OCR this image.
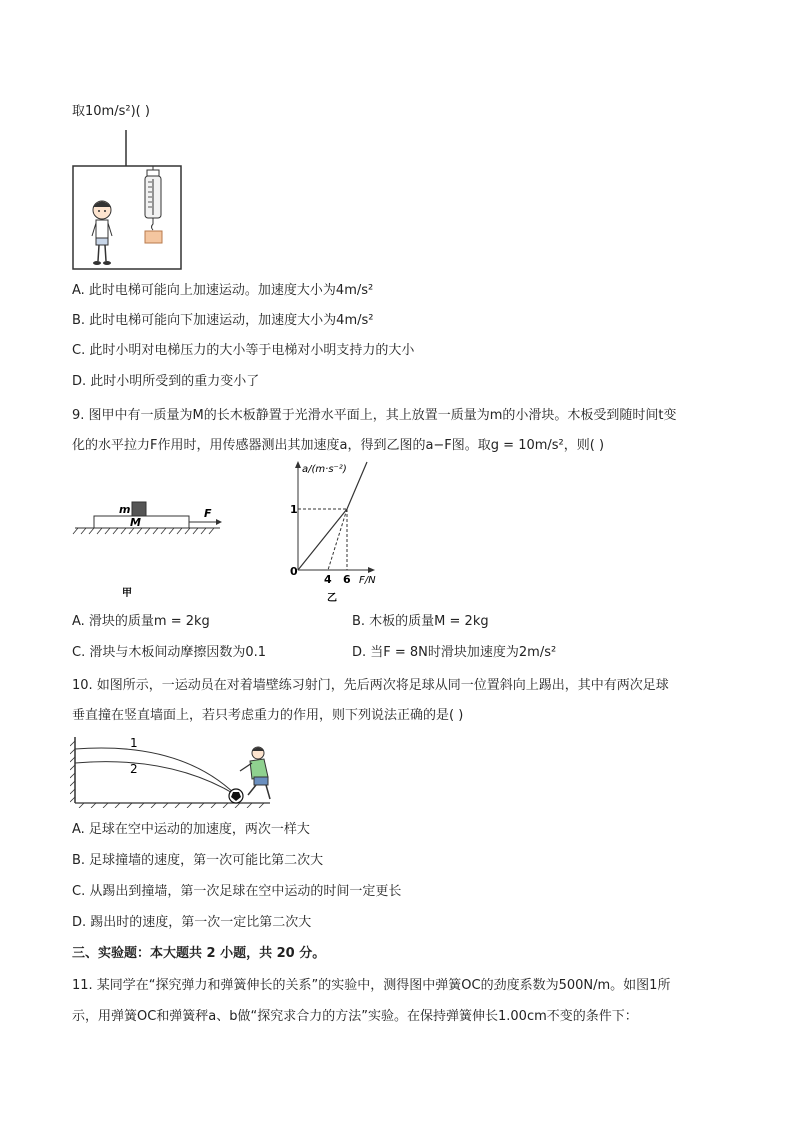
取10m/s²)( )
A. 此时电梯可能向上加速运动。加速度大小为4m/s²
B. 此时电梯可能向下加速运动，加速度大小为4m/s²
C. 此时小明对电梯压力的大小等于电梯对小明支持力的大小
D. 此时小明所受到的重力变小了
9. 图甲中有一质量为M的长木板静置于光滑水平面上，其上放置一质量为m的小滑块。木板受到随时间t变
化的水平拉力F作用时，用传感器测出其加速度a，得到乙图的a−F图。取g = 10m/s²，则( )
m
M
F
甲
a/(m·s⁻²)
F/N
0
1
4 6
乙
A. 滑块的质量m = 2kg	B. 木板的质量M = 2kg
C. 滑块与木板间动摩擦因数为0.1	D. 当F = 8N时滑块加速度为2m/s²
10. 如图所示，一运动员在对着墙壁练习射门，先后两次将足球从同一位置斜向上踢出，其中有两次足球
垂直撞在竖直墙面上，若只考虑重力的作用，则下列说法正确的是( )
1
2
A. 足球在空中运动的加速度，两次一样大
B. 足球撞墙的速度，第一次可能比第二次大
C. 从踢出到撞墙，第一次足球在空中运动的时间一定更长
D. 踢出时的速度，第一次一定比第二次大
三、实验题：本大题共 2 小题，共 20 分。
11. 某同学在“探究弹力和弹簧伸长的关系”的实验中，测得图中弹簧OC的劲度系数为500N/m。如图1所
示，用弹簧OC和弹簧秤a、b做“探究求合力的方法”实验。在保持弹簧伸长1.00cm不变的条件下：
